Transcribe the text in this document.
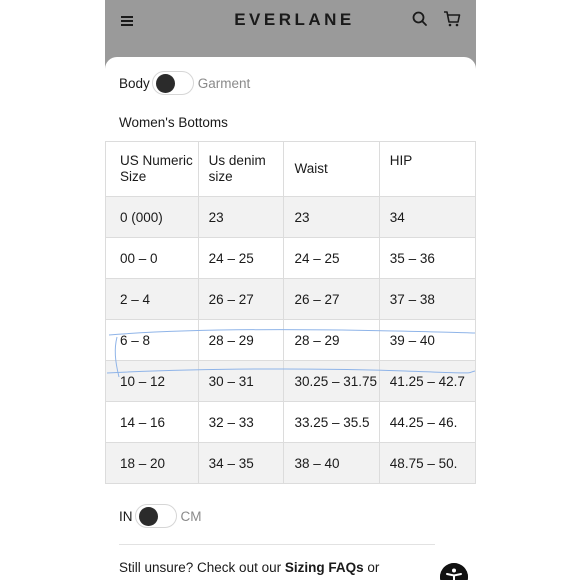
EVERLANE
Body	Garment
Women's Bottoms
US Numeric Size	Us denim size	Waist	HIP
0 (000)	23	23	34
00 – 0	24 – 25	24 – 25	35 – 36
2 – 4	26 – 27	26 – 27	37 – 38
6 – 8	28 – 29	28 – 29	39 – 40
10 – 12	30 – 31	30.25 – 31.75	41.25 – 42.7
14 – 16	32 – 33	33.25 – 35.5	44.25 – 46.
18 – 20	34 – 35	38 – 40	48.75 – 50.
IN	CM
Still unsure? Check out our Sizing FAQs or
